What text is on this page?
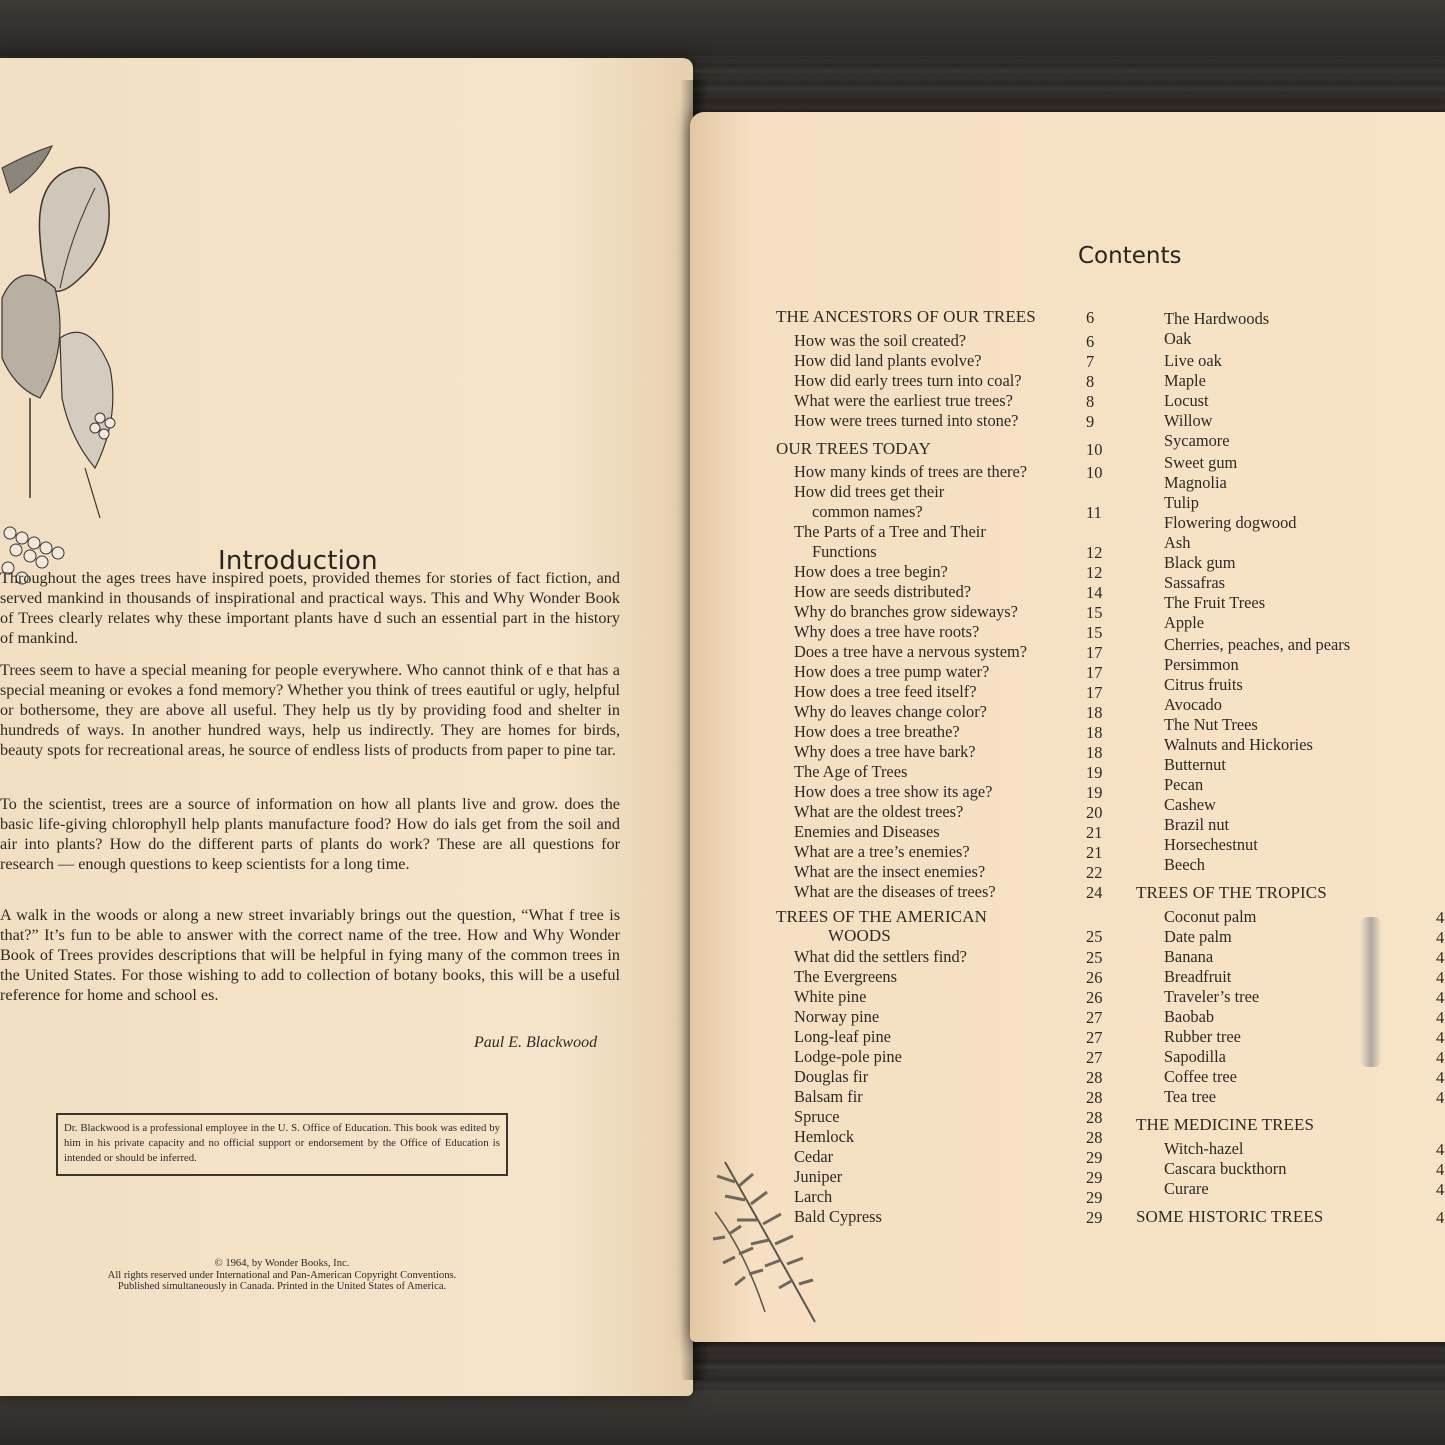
Introduction

Throughout the ages trees have inspired poets, provided themes for stories of fact fiction, and served mankind in thousands of inspirational and practical ways. This and Why Wonder Book of Trees clearly relates why these important plants have d such an essential part in the history of mankind.

Trees seem to have a special meaning for people everywhere. Who cannot think of e that has a special meaning or evokes a fond memory? Whether you think of trees eautiful or ugly, helpful or bothersome, they are above all useful. They help us tly by providing food and shelter in hundreds of ways. In another hundred ways, help us indirectly. They are homes for birds, beauty spots for recreational areas, he source of endless lists of products from paper to pine tar.

To the scientist, trees are a source of information on how all plants live and grow. does the basic life-giving chlorophyll help plants manufacture food? How do ials get from the soil and air into plants? How do the different parts of plants do work? These are all questions for research — enough questions to keep scientists for a long time.

A walk in the woods or along a new street invariably brings out the question, “What f tree is that?” It’s fun to be able to answer with the correct name of the tree. How and Why Wonder Book of Trees provides descriptions that will be helpful in fying many of the common trees in the United States. For those wishing to add to collection of botany books, this will be a useful reference for home and school es.

Paul E. Blackwood
Dr. Blackwood is a professional employee in the U. S. Office of Education. This book was edited by him in his private capacity and no official support or endorsement by the Office of Education is intended or should be inferred.
© 1964, by Wonder Books, Inc.
All rights reserved under International and Pan-American Copyright Conventions.
Published simultaneously in Canada. Printed in the United States of America.
Contents
THE ANCESTORS OF OUR TREES	6
How was the soil created?	6
How did land plants evolve?	7
How did early trees turn into coal?	8
What were the earliest true trees?	8
How were trees turned into stone?	9
OUR TREES TODAY	10
How many kinds of trees are there?	10
How did trees get their
common names?	11
The Parts of a Tree and Their
Functions	12
How does a tree begin?	12
How are seeds distributed?	14
Why do branches grow sideways?	15
Why does a tree have roots?	15
Does a tree have a nervous system?	17
How does a tree pump water?	17
How does a tree feed itself?	17
Why do leaves change color?	18
How does a tree breathe?	18
Why does a tree have bark?	18
The Age of Trees	19
How does a tree show its age?	19
What are the oldest trees?	20
Enemies and Diseases	21
What are a tree’s enemies?	21
What are the insect enemies?	22
What are the diseases of trees?	24
TREES OF THE AMERICAN
WOODS	25
What did the settlers find?	25
The Evergreens	26
White pine	26
Norway pine	27
Long-leaf pine	27
Lodge-pole pine	27
Douglas fir	28
Balsam fir	28
Spruce	28
Hemlock	28
Cedar	29
Juniper	29
Larch	29
Bald Cypress	29
The Hardwoods
Oak
Live oak
Maple
Locust
Willow
Sycamore
Sweet gum
Magnolia
Tulip
Flowering dogwood
Ash
Black gum
Sassafras
The Fruit Trees
Apple
Cherries, peaches, and pears
Persimmon
Citrus fruits
Avocado
The Nut Trees
Walnuts and Hickories
Butternut
Pecan
Cashew
Brazil nut
Horsechestnut
Beech
TREES OF THE TROPICS
Coconut palm	4
Date palm	4
Banana	4
Breadfruit	4
Traveler’s tree	4
Baobab	4
Rubber tree	4
Sapodilla	4
Coffee tree	4
Tea tree	4
THE MEDICINE TREES
Witch-hazel	4
Cascara buckthorn	4
Curare	4
SOME HISTORIC TREES	4
